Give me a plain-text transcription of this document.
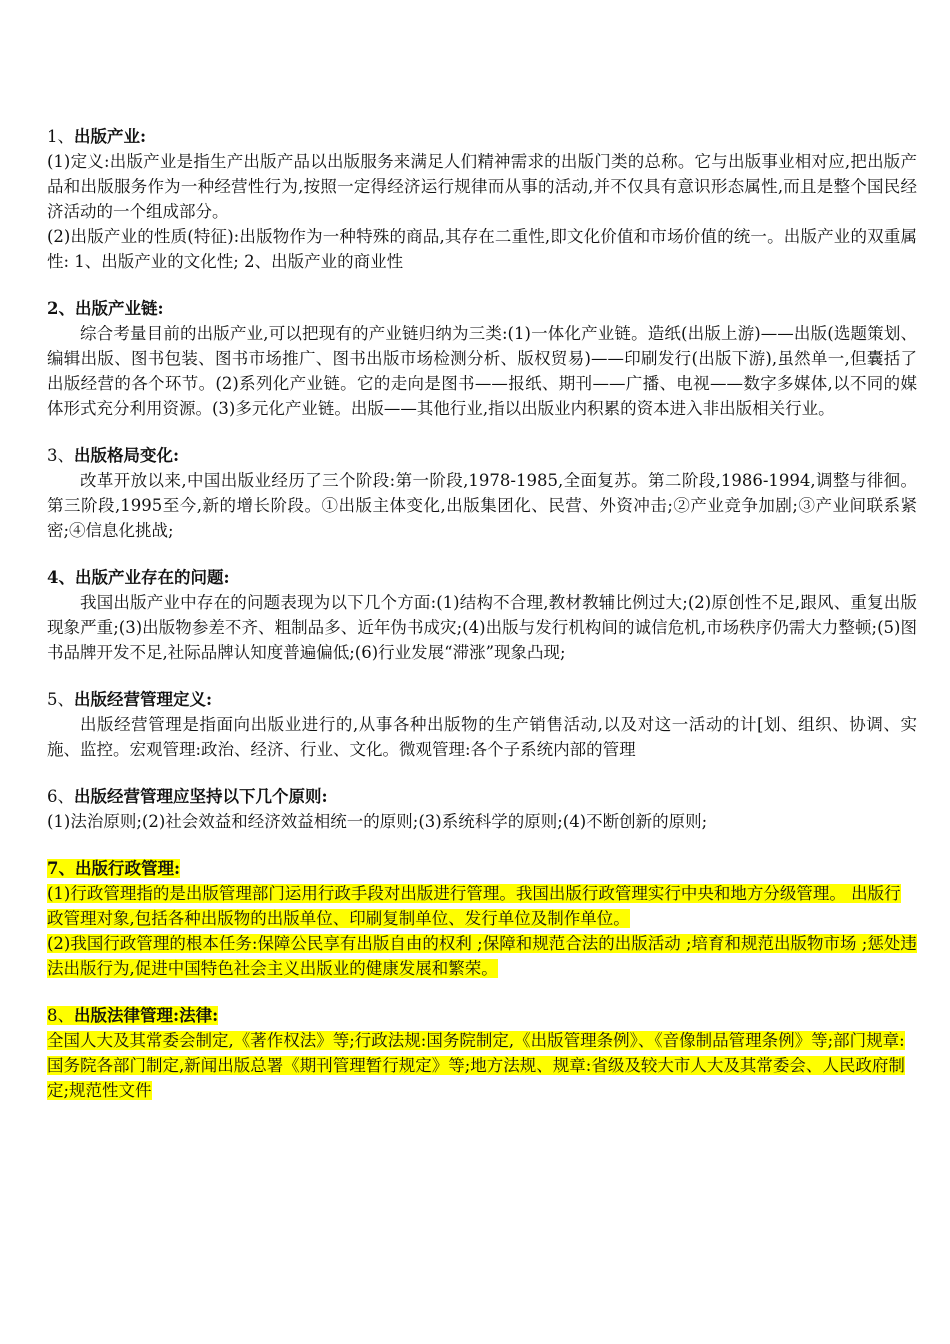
1、出版产业:

(1)定义:出版产业是指生产出版产品以出版服务来满足人们精神需求的出版门类的总称。它与出版事业相对应,把出版产品和出版服务作为一种经营性行为,按照一定得经济运行规律而从事的活动,并不仅具有意识形态属性,而且是整个国民经济活动的一个组成部分。

(2)出版产业的性质(特征):出版物作为一种特殊的商品,其存在二重性,即文化价值和市场价值的统一。出版产业的双重属性: 1、出版产业的文化性; 2、出版产业的商业性

2、出版产业链:

综合考量目前的出版产业,可以把现有的产业链归纳为三类:(1)一体化产业链。造纸(出版上游)——出版(选题策划、编辑出版、图书包装、图书市场推广、图书出版市场检测分析、版权贸易)——印刷发行(出版下游),虽然单一,但囊括了出版经营的各个环节。(2)系列化产业链。它的走向是图书——报纸、期刊——广播、电视——数字多媒体,以不同的媒体形式充分利用资源。(3)多元化产业链。出版——其他行业,指以出版业内积累的资本进入非出版相关行业。

3、出版格局变化:

改革开放以来,中国出版业经历了三个阶段:第一阶段,1978-1985,全面复苏。第二阶段,1986-1994,调整与徘徊。第三阶段,1995至今,新的增长阶段。①出版主体变化,出版集团化、民营、外资冲击;②产业竞争加剧;③产业间联系紧密;④信息化挑战;

4、出版产业存在的问题:

我国出版产业中存在的问题表现为以下几个方面:(1)结构不合理,教材教辅比例过大;(2)原创性不足,跟风、重复出版现象严重;(3)出版物参差不齐、粗制品多、近年伪书成灾;(4)出版与发行机构间的诚信危机,市场秩序仍需大力整顿;(5)图书品牌开发不足,社际品牌认知度普遍偏低;(6)行业发展“滞涨”现象凸现;

5、出版经营管理定义:

出版经营管理是指面向出版业进行的,从事各种出版物的生产销售活动,以及对这一活动的计[划、组织、协调、实施、监控。宏观管理:政治、经济、行业、文化。微观管理:各个子系统内部的管理

6、出版经营管理应坚持以下几个原则:

(1)法治原则;(2)社会效益和经济效益相统一的原则;(3)系统科学的原则;(4)不断创新的原则;

7、出版行政管理:

(1)行政管理指的是出版管理部门运用行政手段对出版进行管理。我国出版行政管理实行中央和地方分级管理。 出版行政管理对象,包括各种出版物的出版单位、印刷复制单位、发行单位及制作单位。

(2)我国行政管理的根本任务:保障公民享有出版自由的权利 ;保障和规范合法的出版活动 ;培育和规范出版物市场 ;惩处违法出版行为,促进中国特色社会主义出版业的健康发展和繁荣。

8、出版法律管理:法律:

全国人大及其常委会制定,《著作权法》等;行政法规:国务院制定,《出版管理条例》、《音像制品管理条例》等;部门规章:国务院各部门制定,新闻出版总署《期刊管理暂行规定》等;地方法规、规章:省级及较大市人大及其常委会、人民政府制定;规范性文件
